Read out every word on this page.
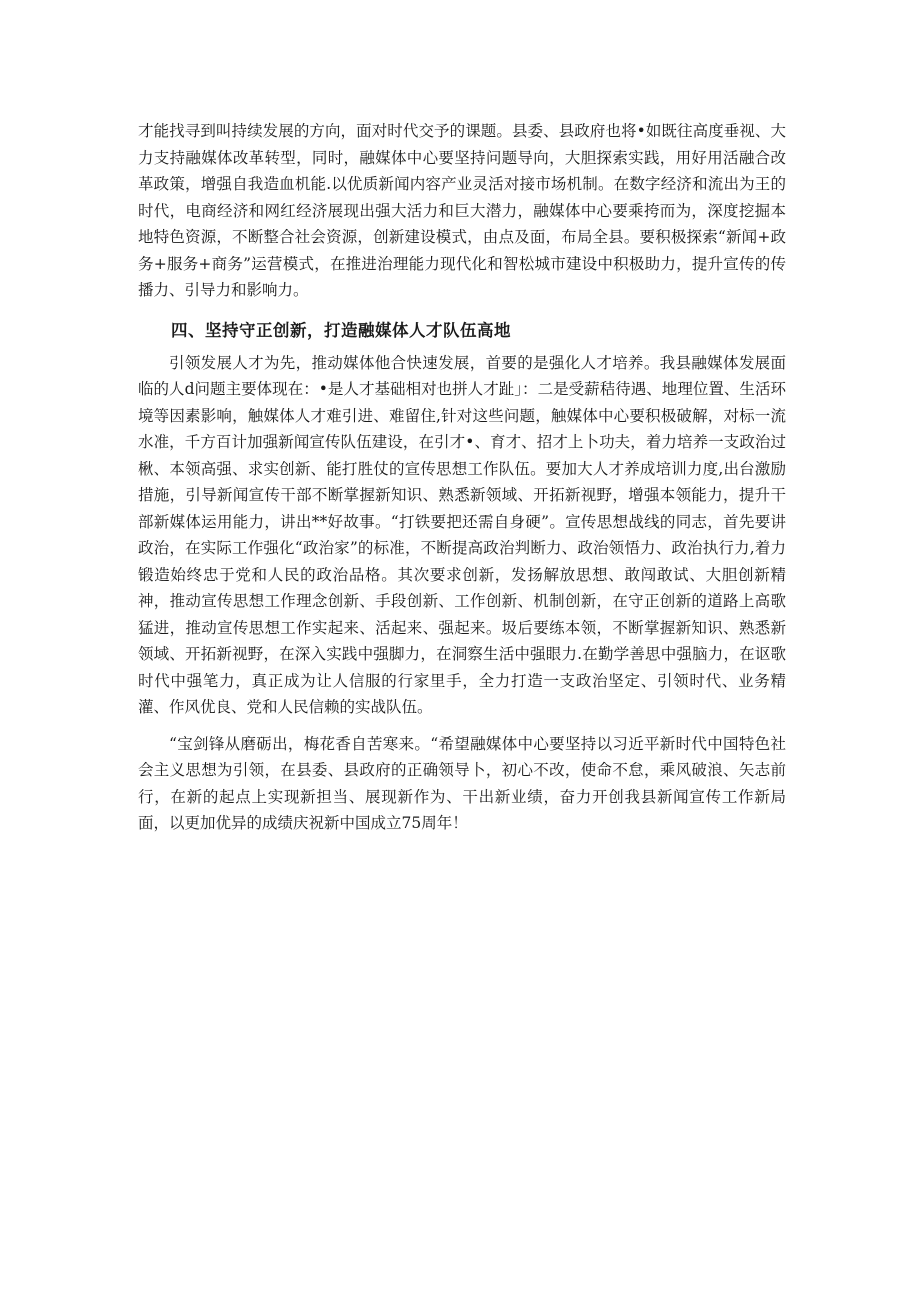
才能找寻到叫持续发展的方向，面对时代交予的课题。县委、县政府也将•如既往高度垂视、大力支持融媒体改革转型，同时，融媒体中心要坚持问题导向，大胆探索实践，用好用活融合改革政策，增强自我造血机能.以优质新闻内容产业灵活对接市场机制。在数字经济和流出为王的时代，电商经济和网红经济展现出强大活力和巨大潜力，融媒体中心要乘挎而为，深度挖掘本地特色资源，不断整合社会资源，创新建设模式，由点及面，布局全县。要积极探索“新闻+政务+服务+商务”运营模式，在推进治理能力现代化和智松城市建设中积极助力，提升宣传的传播力、引导力和影响力。

四、坚持守正创新，打造融媒体人才队伍高地

引领发展人才为先，推动媒体他合快速发展，首要的是强化人才培养。我县融媒体发展面临的人d问题主要体现在：•是人才基础相对也拼人才趾」：二是受薪秸待遇、地理位置、生活环境等因素影响，触媒体人才难引进、难留住,针对这些问题，触媒体中心要积极破解，对标一流水准，千方百计加强新闻宣传队伍建设，在引才•、育才、招才上卜功夫，着力培养一支政治过楸、本领高强、求实创新、能打胜仗的宣传思想工作队伍。要加大人才养成培训力度,出台激励措施，引导新闻宣传干部不断掌握新知识、熟悉新领域、开拓新视野，增强本领能力，提升干部新媒体运用能力，讲出**好故事。“打铁要把还需自身硬”。宣传思想战线的同志，首先要讲政治，在实际工作强化“政治家”的标准，不断提高政治判断力、政治领悟力、政治执行力,着力锻造始终忠于党和人民的政治品格。其次要求创新，发扬解放思想、敢闯敢试、大胆创新精神，推动宣传思想工作理念创新、手段创新、工作创新、机制创新，在守正创新的道路上高歌猛进，推动宣传思想工作实起来、活起来、强起来。圾后要练本领，不断掌握新知识、熟悉新领域、开拓新视野，在深入实践中强脚力，在洞察生活中强眼力.在勤学善思中强脑力，在讴歌时代中强笔力，真正成为让人信服的行家里手，全力打造一支政治坚定、引领时代、业务精灌、作风优良、党和人民信赖的实战队伍。

“宝剑锋从磨砺出，梅花香自苦寒来。“希望融媒体中心要坚持以习近平新时代中国特色社会主义思想为引领，在县委、县政府的正确领导卜，初心不改，使命不怠，乘风破浪、矢志前行，在新的起点上实现新担当、展现新作为、干出新业绩，奋力开创我县新闻宣传工作新局面，以更加优异的成绩庆祝新中国成立75周年！
